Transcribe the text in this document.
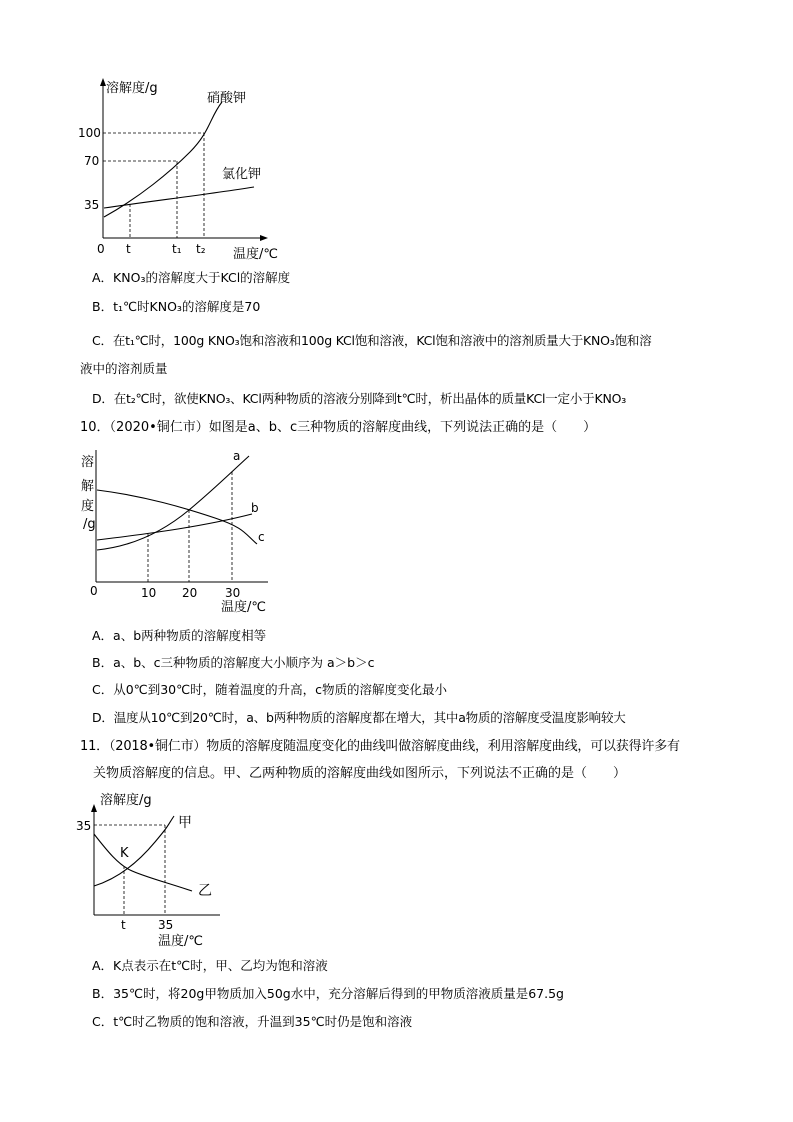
溶解度/g
硝酸钾
氯化钾
100
70
35
0 t	t₁ t₂ 温度/℃
A．KNO₃的溶解度大于KCl的溶解度
B．t₁℃时KNO₃的溶解度是70
C．在t₁℃时，100g KNO₃饱和溶液和100g KCl饱和溶液，KCl饱和溶液中的溶剂质量大于KNO₃饱和溶
液中的溶剂质量
D．在t₂℃时，欲使KNO₃、KCl两种物质的溶液分别降到t℃时，析出晶体的质量KCl一定小于KNO₃
10．（2020•铜仁市）如图是a、b、c三种物质的溶解度曲线，下列说法正确的是（　　）
a
b
c
溶
解
度
/g
0	10 20 30
温度/℃
A．a、b两种物质的溶解度相等
B．a、b、c三种物质的溶解度大小顺序为 a＞b＞c
C．从0℃到30℃时，随着温度的升高，c物质的溶解度变化最小
D．温度从10℃到20℃时，a、b两种物质的溶解度都在增大，其中a物质的溶解度受温度影响较大
11．（2018•铜仁市）物质的溶解度随温度变化的曲线叫做溶解度曲线，利用溶解度曲线，可以获得许多有
关物质溶解度的信息。甲、乙两种物质的溶解度曲线如图所示，下列说法不正确的是（　　）
溶解度/g
35
K
甲
乙
t	35
温度/℃
A．K点表示在t℃时，甲、乙均为饱和溶液
B．35℃时，将20g甲物质加入50g水中，充分溶解后得到的甲物质溶液质量是67.5g
C．t℃时乙物质的饱和溶液，升温到35℃时仍是饱和溶液
